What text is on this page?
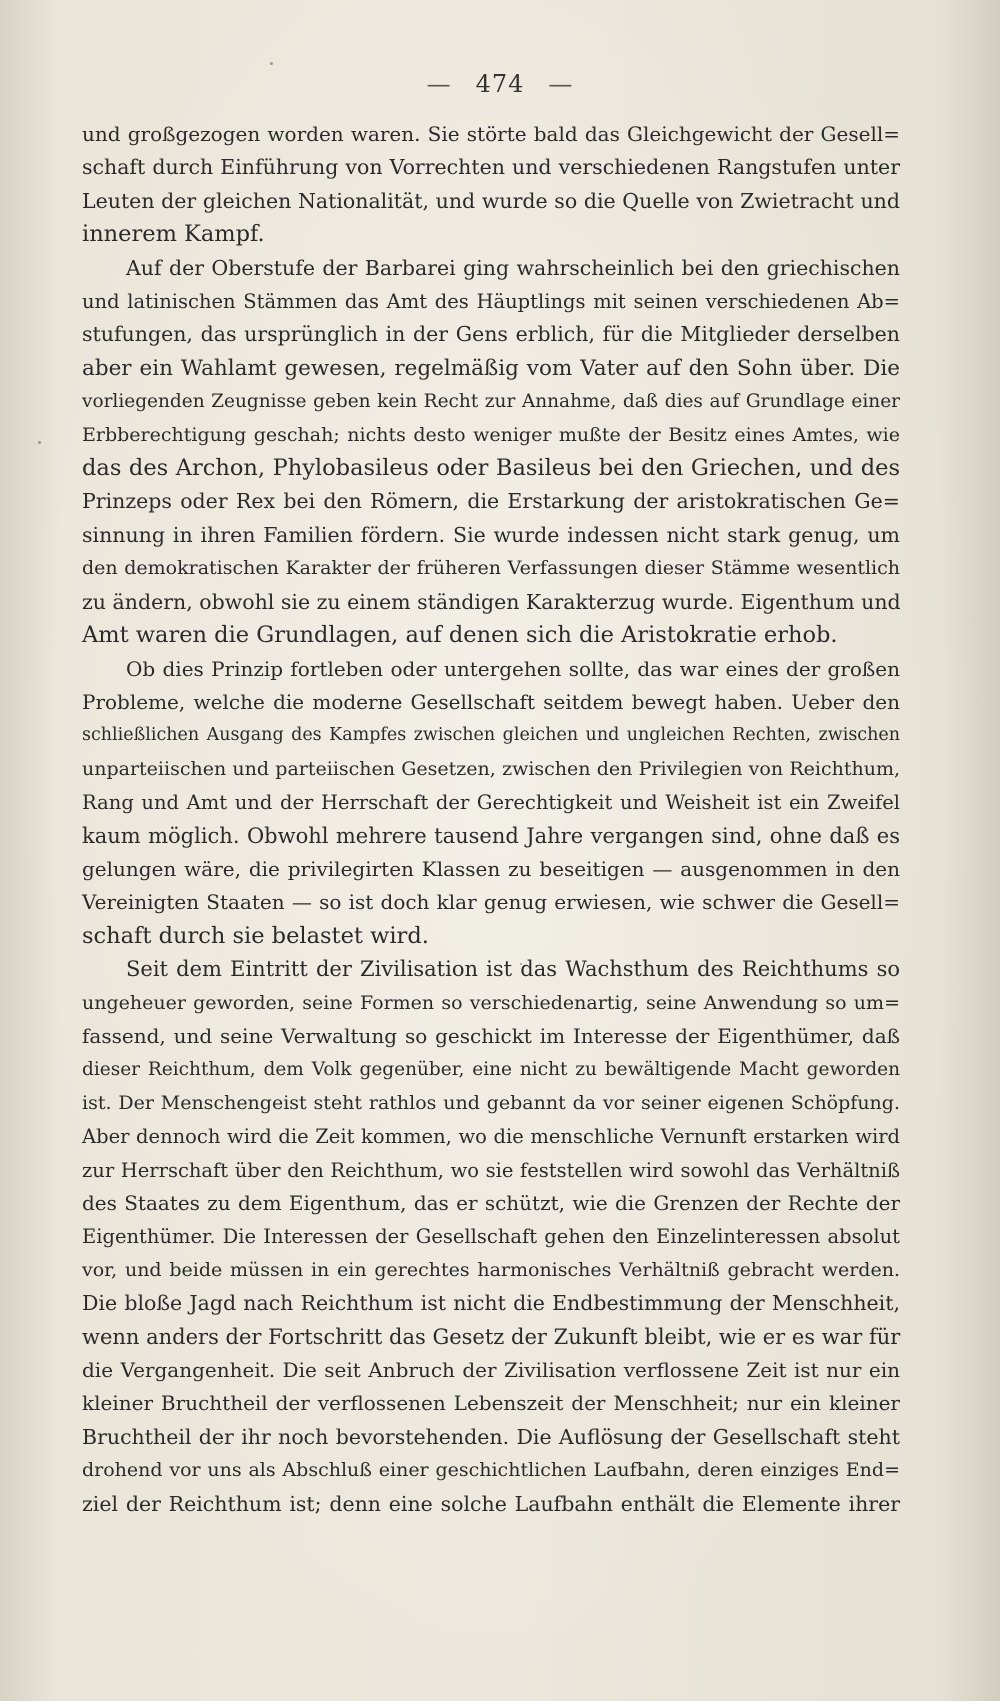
— 474 —

und großgezogen worden waren. Sie störte bald das Gleichgewicht der Gesell=
schaft durch Einführung von Vorrechten und verschiedenen Rangstufen unter
Leuten der gleichen Nationalität, und wurde so die Quelle von Zwietracht und
innerem Kampf.

Auf der Oberstufe der Barbarei ging wahrscheinlich bei den griechischen
und latinischen Stämmen das Amt des Häuptlings mit seinen verschiedenen Ab=
stufungen, das ursprünglich in der Gens erblich, für die Mitglieder derselben
aber ein Wahlamt gewesen, regelmäßig vom Vater auf den Sohn über. Die
vorliegenden Zeugnisse geben kein Recht zur Annahme, daß dies auf Grundlage einer
Erbberechtigung geschah; nichts desto weniger mußte der Besitz eines Amtes, wie
das des Archon, Phylobasileus oder Basileus bei den Griechen, und des
Prinzeps oder Rex bei den Römern, die Erstarkung der aristokratischen Ge=
sinnung in ihren Familien fördern. Sie wurde indessen nicht stark genug, um
den demokratischen Karakter der früheren Verfassungen dieser Stämme wesentlich
zu ändern, obwohl sie zu einem ständigen Karakterzug wurde. Eigenthum und
Amt waren die Grundlagen, auf denen sich die Aristokratie erhob.

Ob dies Prinzip fortleben oder untergehen sollte, das war eines der großen
Probleme, welche die moderne Gesellschaft seitdem bewegt haben. Ueber den
schließlichen Ausgang des Kampfes zwischen gleichen und ungleichen Rechten, zwischen
unparteiischen und parteiischen Gesetzen, zwischen den Privilegien von Reichthum,
Rang und Amt und der Herrschaft der Gerechtigkeit und Weisheit ist ein Zweifel
kaum möglich. Obwohl mehrere tausend Jahre vergangen sind, ohne daß es
gelungen wäre, die privilegirten Klassen zu beseitigen — ausgenommen in den
Vereinigten Staaten — so ist doch klar genug erwiesen, wie schwer die Gesell=
schaft durch sie belastet wird.

Seit dem Eintritt der Zivilisation ist das Wachsthum des Reichthums so
ungeheuer geworden, seine Formen so verschiedenartig, seine Anwendung so um=
fassend, und seine Verwaltung so geschickt im Interesse der Eigenthümer, daß
dieser Reichthum, dem Volk gegenüber, eine nicht zu bewältigende Macht geworden
ist. Der Menschengeist steht rathlos und gebannt da vor seiner eigenen Schöpfung.
Aber dennoch wird die Zeit kommen, wo die menschliche Vernunft erstarken wird
zur Herrschaft über den Reichthum, wo sie feststellen wird sowohl das Verhältniß
des Staates zu dem Eigenthum, das er schützt, wie die Grenzen der Rechte der
Eigenthümer. Die Interessen der Gesellschaft gehen den Einzelinteressen absolut
vor, und beide müssen in ein gerechtes harmonisches Verhältniß gebracht werden.
Die bloße Jagd nach Reichthum ist nicht die Endbestimmung der Menschheit,
wenn anders der Fortschritt das Gesetz der Zukunft bleibt, wie er es war für
die Vergangenheit. Die seit Anbruch der Zivilisation verflossene Zeit ist nur ein
kleiner Bruchtheil der verflossenen Lebenszeit der Menschheit; nur ein kleiner
Bruchtheil der ihr noch bevorstehenden. Die Auflösung der Gesellschaft steht
drohend vor uns als Abschluß einer geschichtlichen Laufbahn, deren einziges End=
ziel der Reichthum ist; denn eine solche Laufbahn enthält die Elemente ihrer
